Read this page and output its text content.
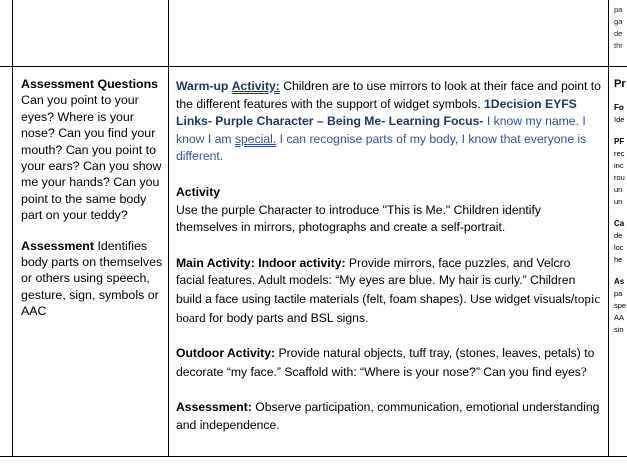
pa
ga
de
thr

Assessment Questions
Can you point to your eyes? Where is your nose? Can you find your mouth? Can you point to your ears? Can you show me your hands? Can you point to the same body part on your teddy?

Assessment Identifies body parts on themselves or others using speech, gesture, sign, symbols or AAC

Warm-up Activity: Children are to use mirrors to look at their face and point to the different features with the support of widget symbols. 1Decision EYFS Links- Purple Character – Being Me- Learning Focus- I know my name. I know I am special. I can recognise parts of my body, I know that everyone is different.

Activity
Use the purple Character to introduce "This is Me." Children identify themselves in mirrors, photographs and create a self-portrait.

Main Activity: Indoor activity: Provide mirrors, face puzzles, and Velcro facial features. Adult models: “My eyes are blue. My hair is curly.” Children build a face using tactile materials (felt, foam shapes). Use widget visuals/topic board for body parts and BSL signs.

Outdoor Activity: Provide natural objects, tuff tray, (stones, leaves, petals) to decorate “my face.” Scaffold with: “Where is your nose?” Can you find eyes?

Assessment: Observe participation, communication, emotional understanding and independence.

Pr
Fo
Ide
PF
rec
inc
rou
un
un
Ca
de
loc
he
As
pa
spe
AA
sin
